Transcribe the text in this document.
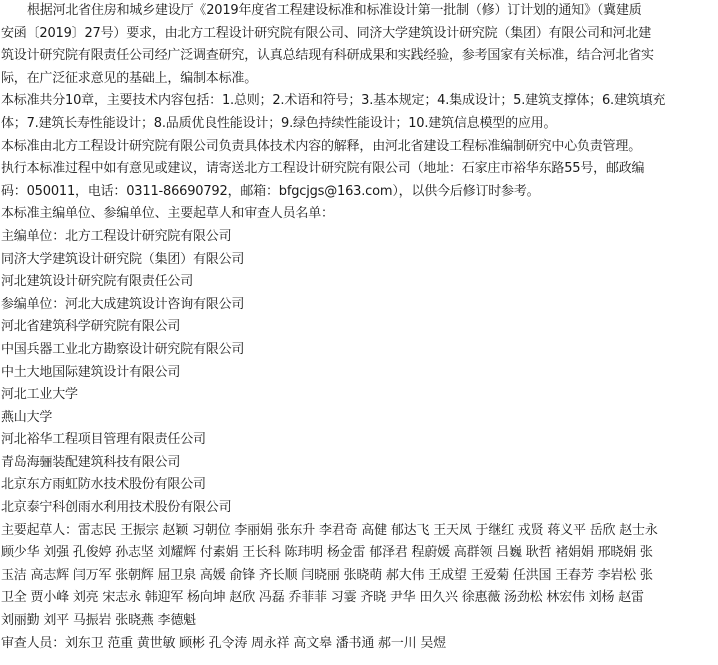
根据河北省住房和城乡建设厅《2019年度省工程建设标准和标准设计第一批制（修）订计划的通知》（冀建质
安函〔2019〕27号）要求，由北方工程设计研究院有限公司、同济大学建筑设计研究院（集团）有限公司和河北建
筑设计研究院有限责任公司经广泛调查研究，认真总结现有科研成果和实践经验，参考国家有关标准，结合河北省实
际，在广泛征求意见的基础上，编制本标准。
本标准共分10章，主要技术内容包括：1.总则；2.术语和符号；3.基本规定；4.集成设计；5.建筑支撑体；6.建筑填充
体；7.建筑长寿性能设计；8.品质优良性能设计；9.绿色持续性能设计；10.建筑信息模型的应用。
本标准由北方工程设计研究院有限公司负责具体技术内容的解释，由河北省建设工程标准编制研究中心负责管理。
执行本标准过程中如有意见或建议，请寄送北方工程设计研究院有限公司（地址：石家庄市裕华东路55号，邮政编
码：050011，电话：0311-86690792，邮箱：bfgcjgs@163.com），以供今后修订时参考。
本标准主编单位、参编单位、主要起草人和审查人员名单：
主编单位：北方工程设计研究院有限公司
同济大学建筑设计研究院（集团）有限公司
河北建筑设计研究院有限责任公司
参编单位：河北大成建筑设计咨询有限公司
河北省建筑科学研究院有限公司
中国兵器工业北方勘察设计研究院有限公司
中土大地国际建筑设计有限公司
河北工业大学
燕山大学
河北裕华工程项目管理有限责任公司
青岛海骊装配建筑科技有限公司
北京东方雨虹防水技术股份有限公司
北京泰宁科创雨水利用技术股份有限公司
主要起草人：雷志民 王振宗 赵颖 习朝位 李丽娟 张东升 李君奇 高健 郁达飞 王天凤 于继红 戎贤 蒋义平 岳欣 赵士永
顾少华 刘强 孔俊婷 孙志坚 刘耀辉 付素娟 王长科 陈玮明 杨金雷 郁泽君 程蔚媛 高群领 吕巍 耿哲 褚娟娟 邢晓娟 张
玉洁 高志辉 闫万军 张朝辉 屈卫泉 高媛 俞锋 齐长顺 闫晓丽 张晓萌 郝大伟 王成望 王爱菊 任洪国 王春芳 李岩松 张
卫全 贾小峰 刘亮 宋志永 韩迎军 杨向坤 赵欣 冯磊 乔菲菲 习霎 齐晓 尹华 田久兴 徐惠薇 汤劲松 林宏伟 刘杨 赵雷
刘丽勤 刘平 马振岩 张晓燕 李德魁
审查人员：刘东卫 范重 黄世敏 顾彬 孔令涛 周永祥 高文皋 潘书通 郝一川 吴煜
